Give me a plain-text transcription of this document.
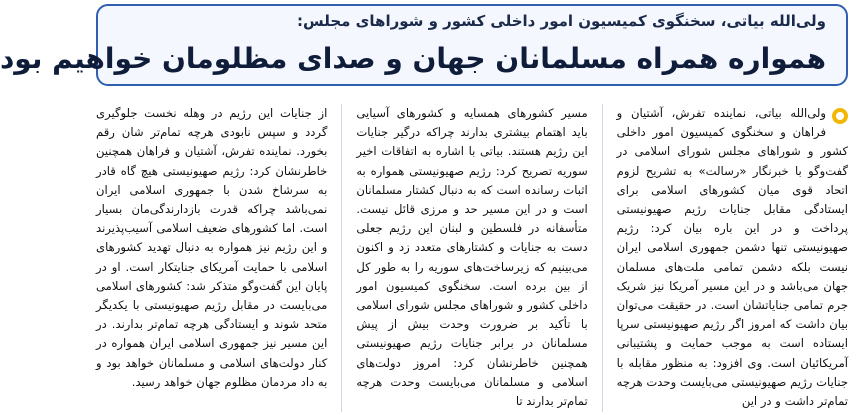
ولی‌الله بیاتی، سخنگوی کمیسیون امور داخلی کشور و شوراهای مجلس:
همواره همراه مسلمانان جهان و صدای مظلومان خواهیم بود

ولی‌الله بیاتی، نماینده تفرش، آشتیان و فراهان و سخنگوی کمیسیون امور داخلی کشور و شوراهای مجلس شورای اسلامی در گفت‌وگو با خبرنگار «رسالت» به تشریح لزوم اتحاد قوی میان کشورهای اسلامی برای ایستادگی مقابل جنایات رژیم صهیونیستی پرداخت و در این باره بیان کرد: رژیم صهیونیستی تنها دشمن جمهوری اسلامی ایران نیست بلکه دشمن تمامی ملت‌های مسلمان جهان می‌باشد و در این مسیر آمریکا نیز شریک جرم تمامی جنایاتشان است. در حقیقت می‌توان بیان داشت که امروز اگر رژیم صهیونیستی سرپا ایستاده است به موجب حمایت و پشتیبانی آمریکائیان است. وی افزود: به منظور مقابله با جنایات رژیم صهیونیستی می‌بایست وحدت هرچه تمام‌تر داشت و در این

مسیر کشورهای همسایه و کشورهای آسیایی باید اهتمام بیشتری بدارند چراکه درگیر جنایات این رژیم هستند. بیاتی با اشاره به اتفاقات اخیر سوریه تصریح کرد: رژیم صهیونیستی همواره به اثبات رسانده است که به دنبال کشتار مسلمانان است و در این مسیر حد و مرزی قائل نیست. متأسفانه در فلسطین و لبنان این رژیم جعلی دست به جنایات و کشتارهای متعدد زد و اکنون می‌بینیم که زیرساخت‌های سوریه را به طور کل از بین برده است. سخنگوی کمیسیون امور داخلی کشور و شوراهای مجلس شورای اسلامی با تأکید بر ضرورت وحدت بیش از پیش مسلمانان در برابر جنایات رژیم صهیونیستی همچنین خاطرنشان کرد: امروز دولت‌های اسلامی و مسلمانان می‌بایست وحدت هرچه تمام‌تر بدارند تا

از جنایات این رژیم در وهله نخست جلوگیری گردد و سپس نابودی هرچه تمام‌تر شان رقم بخورد. نماینده تفرش، آشتیان و فراهان همچنین خاطرنشان کرد: رژیم صهیونیستی هیچ گاه قادر به سرشاخ شدن با جمهوری اسلامی ایران نمی‌باشد چراکه قدرت بازدارندگی‌مان بسیار است. اما کشورهای ضعیف اسلامی آسیب‌پذیرند و این رژیم نیز همواره به دنبال تهدید کشورهای اسلامی با حمایت آمریکای جنایتکار است. او در پایان این گفت‌وگو متذکر شد: کشورهای اسلامی می‌بایست در مقابل رژیم صهیونیستی با یکدیگر متحد شوند و ایستادگی هرچه تمام‌تر بدارند. در این مسیر نیز جمهوری اسلامی ایران همواره در کنار دولت‌های اسلامی و مسلمانان خواهد بود و به داد مردمان مظلوم جهان خواهد رسید.
